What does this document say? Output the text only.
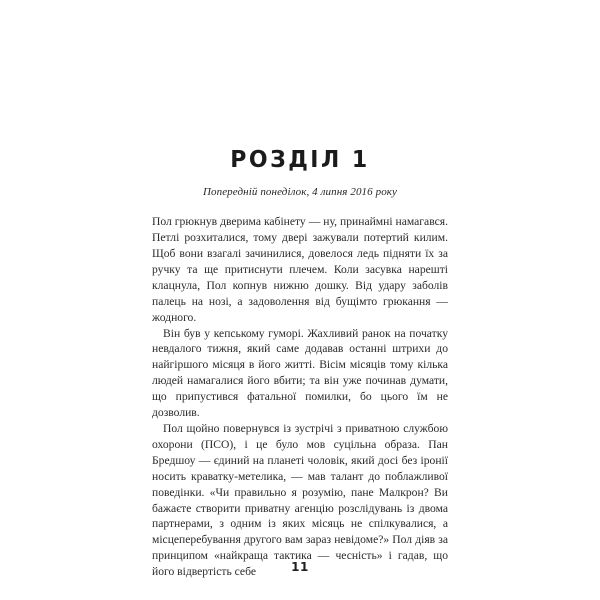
РОЗДІЛ 1
Попередній понеділок, 4 липня 2016 року

Пол грюкнув дверима кабінету — ну, принаймні намагався. Петлі розхиталися, тому двері зажували потертий килим. Щоб вони взагалі зачинилися, довелося ледь підняти їх за ручку та ще притиснути плечем. Коли засувка нарешті клацнула, Пол копнув нижню дошку. Від удару заболів палець на нозі, а задоволення від бущімто грюкання — жодного.

Він був у кепському гуморі. Жахливий ранок на початку невдалого тижня, який саме додавав останні штрихи до найгіршого місяця в його житті. Вісім місяців тому кілька людей намагалися його вбити; та він уже починав думати, що припустився фатальної помилки, бо цього їм не дозволив.

Пол щойно повернувся із зустрічі з приватною службою охорони (ПСО), і це було мов суцільна образа. Пан Бредшоу — єдиний на планеті чоловік, який досі без іронії носить краватку-метелика, — мав талант до поблажливої поведінки. «Чи правильно я розумію, пане Малкрон? Ви бажаєте створити приватну агенцію розслідувань із двома партнерами, з одним із яких місяць не спілкувалися, а місцеперебування другого вам зараз невідоме?» Пол діяв за принципом «найкраща тактика — чесність» і гадав, що його відвертість себе	11
